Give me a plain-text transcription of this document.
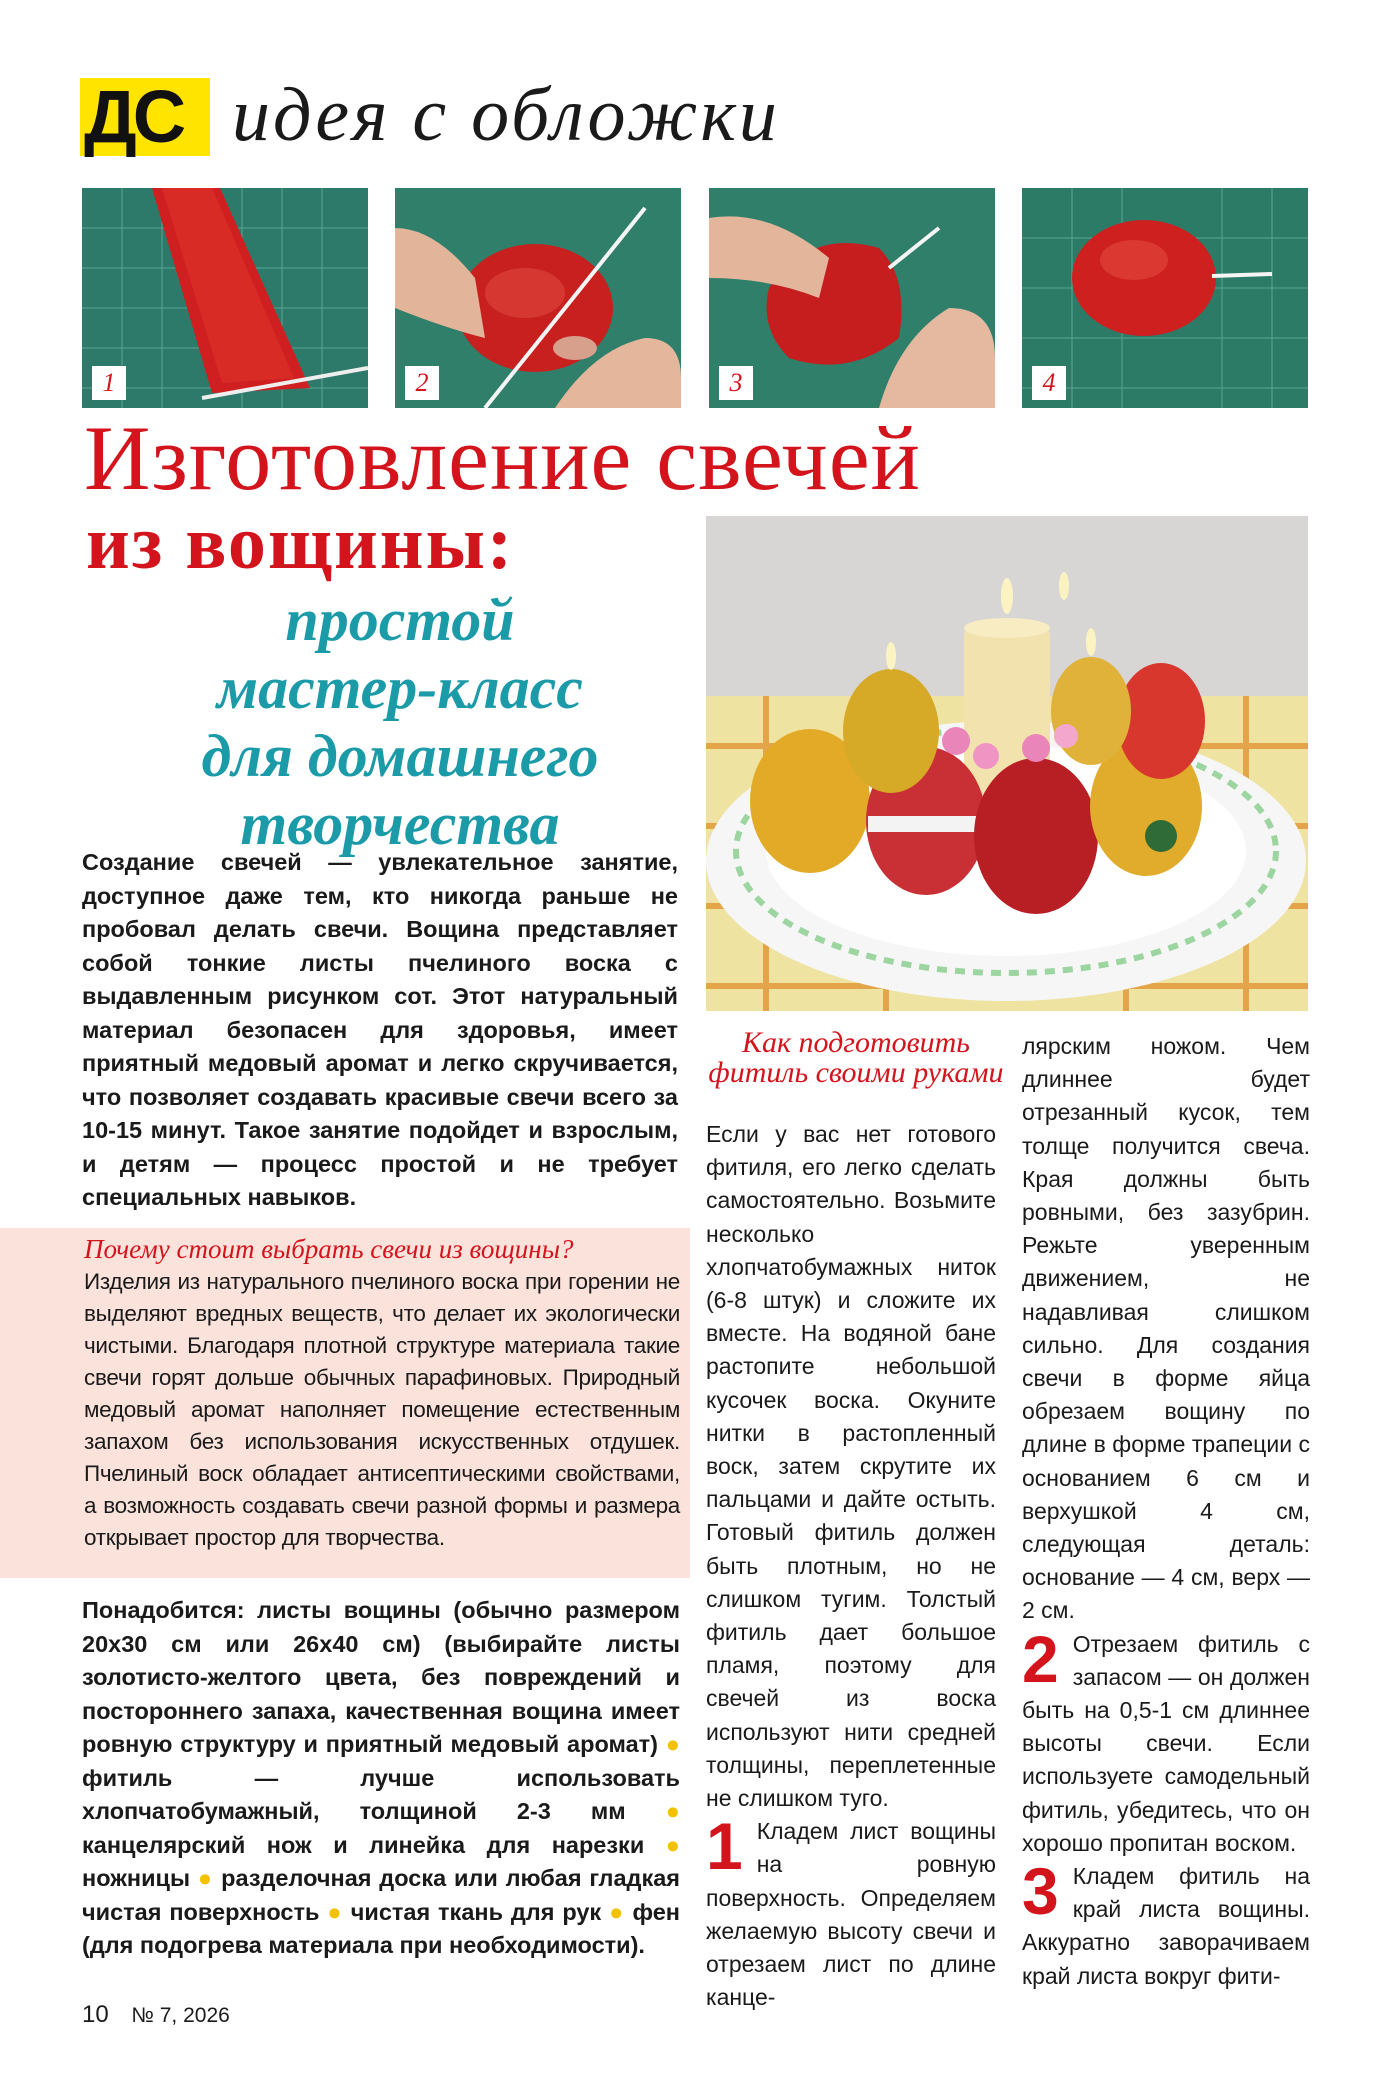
ДС идея с обложки
1	2	3	4
Изготовление свечей
из вощины:
простой
мастер-класс
для домашнего
творчества
Создание свечей — увлекательное занятие, доступное даже тем, кто никогда раньше не пробовал делать свечи. Вощина представляет собой тонкие листы пчелиного воска с выдавленным рисунком сот. Этот натуральный материал безопасен для здоровья, имеет приятный медовый аромат и легко скручивается, что позволяет создавать красивые свечи всего за 10-15 минут. Такое занятие подойдет и взрослым, и детям — процесс простой и не требует специальных навыков.
Почему стоит выбрать свечи из вощины?
Изделия из натурального пчелиного воска при горении не выделяют вредных веществ, что делает их экологически чистыми. Благодаря плотной структуре материала такие свечи горят дольше обычных парафиновых. Природный медовый аромат наполняет помещение естественным запахом без использования искусственных отдушек. Пчелиный воск обладает антисептическими свойствами, а возможность создавать свечи разной формы и размера открывает простор для творчества.
Понадобится: листы вощины (обычно размером 20х30 см или 26х40 см) (выбирайте листы золотисто-желтого цвета, без повреждений и постороннего запаха, качественная вощина имеет ровную структуру и приятный медовый аромат) ● фитиль — лучше использовать хлопчатобумажный, толщиной 2-3 мм ● канцелярский нож и линейка для нарезки ● ножницы ● разделочная доска или любая гладкая чистая поверхность ● чистая ткань для рук ● фен (для подогрева материала при необходимости).
Как подготовить фитиль своими руками

Если у вас нет готового фитиля, его легко сделать самостоятельно. Возьмите несколько хлопчатобумажных ниток (6-8 штук) и сложите их вместе. На водяной бане растопите небольшой кусочек воска. Окуните нитки в растопленный воск, затем скрутите их пальцами и дайте остыть. Готовый фитиль должен быть плотным, но не слишком тугим. Толстый фитиль дает большое пламя, поэтому для свечей из воска используют нити средней толщины, переплетенные не слишком туго.

1 Кладем лист вощины на ровную поверхность. Определяем желаемую высоту свечи и отрезаем лист по длине канце-

лярским ножом. Чем длиннее будет отрезанный кусок, тем толще получится свеча. Края должны быть ровными, без зазубрин. Режьте уверенным движением, не надавливая слишком сильно. Для создания свечи в форме яйца обрезаем вощину по длине в форме трапеции с основанием 6 см и верхушкой 4 см, следующая деталь: основание — 4 см, верх — 2 см.

2 Отрезаем фитиль с запасом — он должен быть на 0,5-1 см длиннее высоты свечи. Если используете самодельный фитиль, убедитесь, что он хорошо пропитан воском.
3 Кладем фитиль на край листа вощины. Аккуратно заворачиваем край листа вокруг фити-
10 № 7, 2026
